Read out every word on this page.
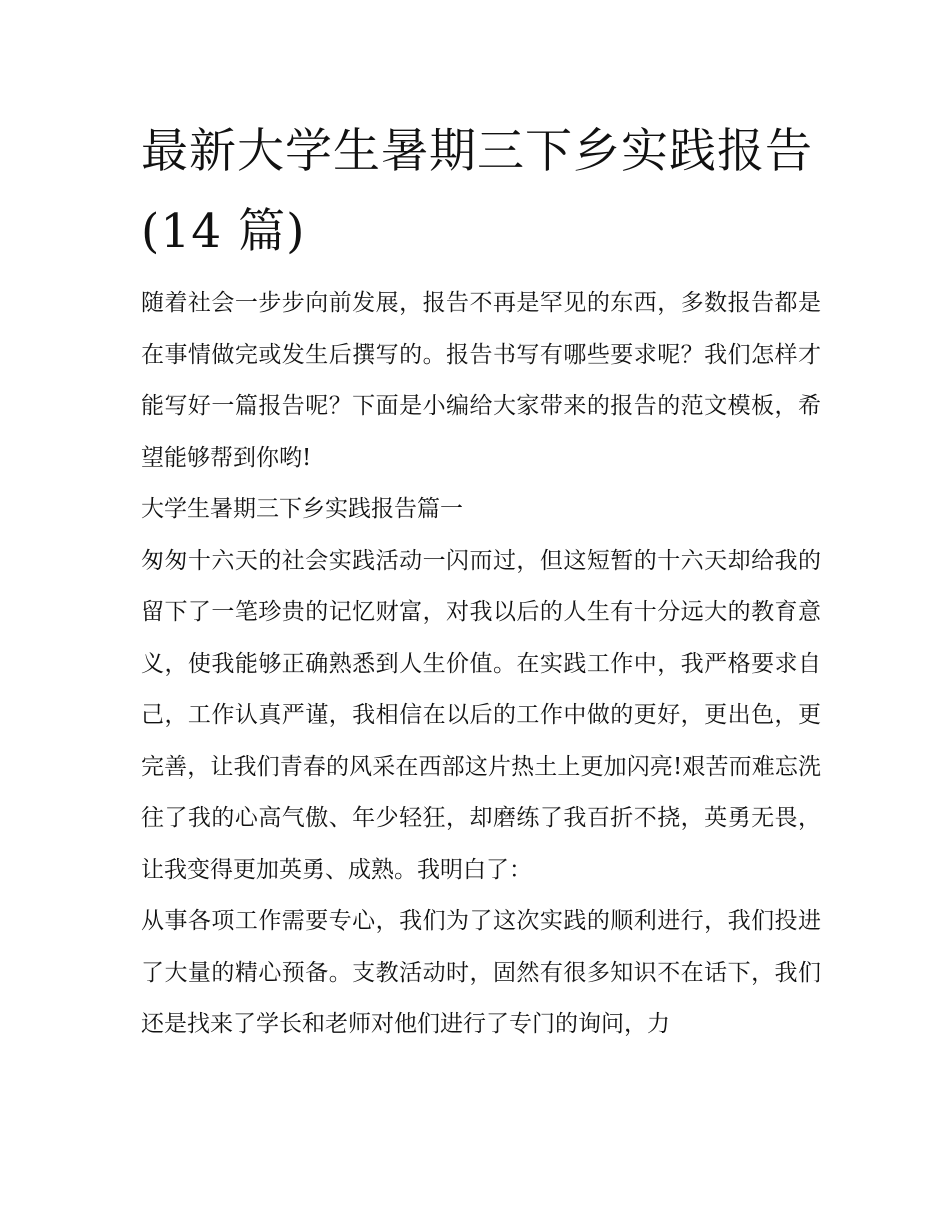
最新大学生暑期三下乡实践报告(14 篇)

随着社会一步步向前发展，报告不再是罕见的东西，多数报告都是在事情做完或发生后撰写的。报告书写有哪些要求呢？我们怎样才能写好一篇报告呢？下面是小编给大家带来的报告的范文模板，希望能够帮到你哟!

大学生暑期三下乡实践报告篇一

匆匆十六天的社会实践活动一闪而过，但这短暂的十六天却给我的留下了一笔珍贵的记忆财富，对我以后的人生有十分远大的教育意义，使我能够正确熟悉到人生价值。在实践工作中，我严格要求自己，工作认真严谨，我相信在以后的工作中做的更好，更出色，更完善，让我们青春的风采在西部这片热土上更加闪亮!艰苦而难忘洗往了我的心高气傲、年少轻狂，却磨练了我百折不挠，英勇无畏，让我变得更加英勇、成熟。我明白了：

从事各项工作需要专心，我们为了这次实践的顺利进行，我们投进了大量的精心预备。支教活动时，固然有很多知识不在话下，我们还是找来了学长和老师对他们进行了专门的询问，力
